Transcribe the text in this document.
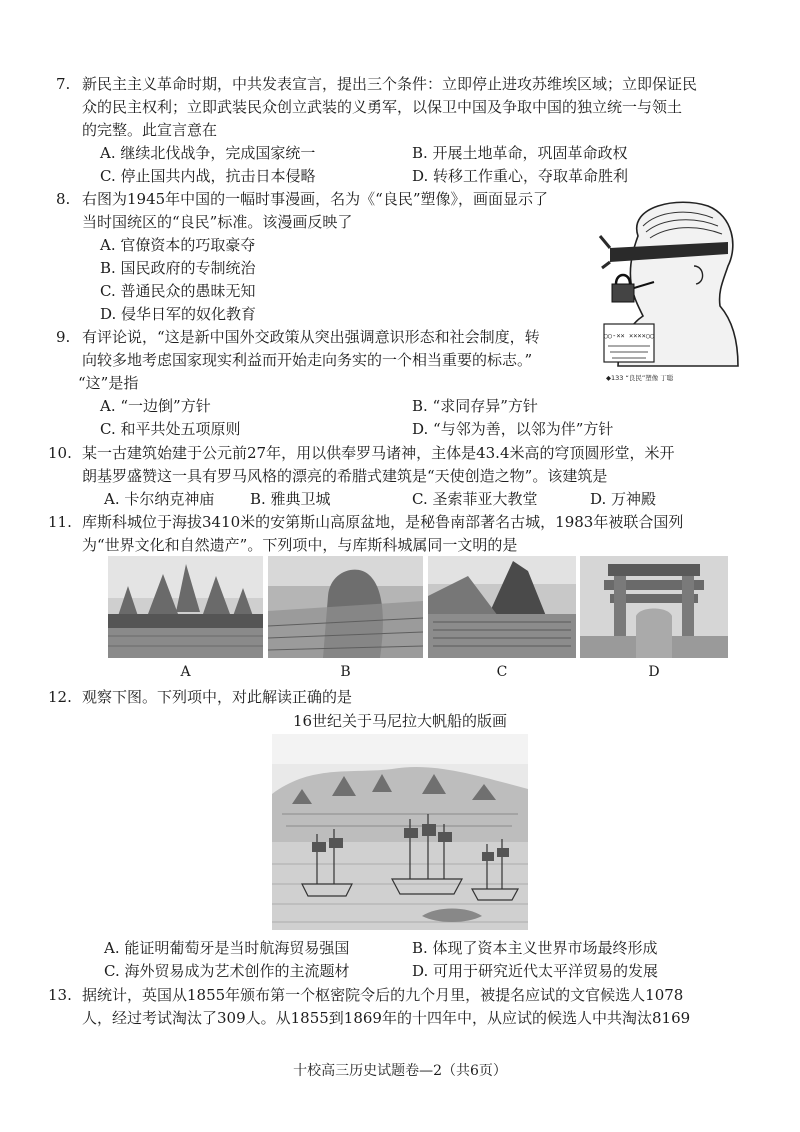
7. 新民主主义革命时期，中共发表宣言，提出三个条件：立即停止进攻苏维埃区域；立即保证民
众的民主权利；立即武装民众创立武装的义勇军，以保卫中国及争取中国的独立统一与领土
的完整。此宣言意在
A. 继续北伐战争，完成国家统一	B. 开展土地革命，巩固革命政权
C. 停止国共内战，抗击日本侵略	D. 转移工作重心，夺取革命胜利
8. 右图为1945年中国的一幅时事漫画，名为《“良民”塑像》，画面显示了
当时国统区的“良民”标准。该漫画反映了
A. 官僚资本的巧取豪夺
B. 国民政府的专制统治
C. 普通民众的愚昧无知
D. 侵华日军的奴化教育
○○-×× ××××○○
◆133 “良民”塑像 丁聪
9. 有评论说，“这是新中国外交政策从突出强调意识形态和社会制度，转
向较多地考虑国家现实利益而开始走向务实的一个相当重要的标志。”
“这”是指
A. “一边倒”方针	B. “求同存异”方针
C. 和平共处五项原则	D. “与邻为善，以邻为伴”方针
10. 某一古建筑始建于公元前27年，用以供奉罗马诸神，主体是43.4米高的穹顶圆形堂，米开
朗基罗盛赞这一具有罗马风格的漂亮的希腊式建筑是“天使创造之物”。该建筑是
A. 卡尔纳克神庙 B. 雅典卫城	C. 圣索菲亚大教堂	D. 万神殿
11. 库斯科城位于海拔3410米的安第斯山高原盆地，是秘鲁南部著名古城，1983年被联合国列
为“世界文化和自然遗产”。下列项中，与库斯科城属同一文明的是
A	B	C	D
12. 观察下图。下列项中，对此解读正确的是
16世纪关于马尼拉大帆船的版画
A. 能证明葡萄牙是当时航海贸易强国	B. 体现了资本主义世界市场最终形成
C. 海外贸易成为艺术创作的主流题材	D. 可用于研究近代太平洋贸易的发展
13. 据统计，英国从1855年颁布第一个枢密院令后的九个月里，被提名应试的文官候选人1078
人，经过考试淘汰了309人。从1855到1869年的十四年中，从应试的候选人中共淘汰8169
十校高三历史试题卷—2（共6页）
